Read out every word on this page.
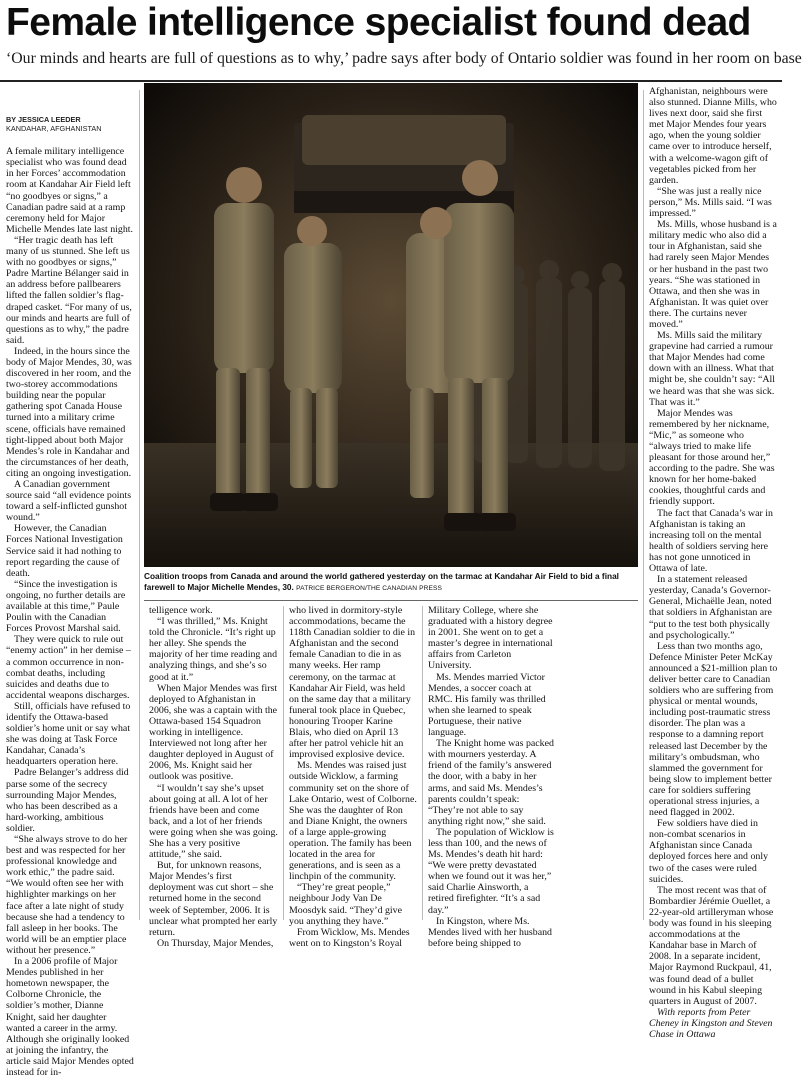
Female intelligence specialist found dead
‘Our minds and hearts are full of questions as to why,’ padre says after body of Ontario soldier was found in her room on base
BY JESSICA LEEDER
KANDAHAR, AFGHANISTAN

A female military intelligence specialist who was found dead in her Forces’ accommodation room at Kandahar Air Field left “no goodbyes or signs,” a Canadian padre said at a ramp ceremony held for Major Michelle Mendes late last night.

“Her tragic death has left many of us stunned. She left us with no goodbyes or signs,” Padre Martine Bélanger said in an address before pallbearers lifted the fallen soldier’s flag-draped casket. “For many of us, our minds and hearts are full of questions as to why,” the padre said.

Indeed, in the hours since the body of Major Mendes, 30, was discovered in her room, and the two-storey accommodations building near the popular gathering spot Canada House turned into a military crime scene, officials have remained tight-lipped about both Major Mendes’s role in Kandahar and the circumstances of her death, citing an ongoing investigation.

A Canadian government source said “all evidence points toward a self-inflicted gunshot wound.”

However, the Canadian Forces National Investigation Service said it had nothing to report regarding the cause of death.

“Since the investigation is ongoing, no further details are available at this time,” Paule Poulin with the Canadian Forces Provost Marshal said.

They were quick to rule out “enemy action” in her demise – a common occurrence in non-combat deaths, including suicides and deaths due to accidental weapons discharges.

Still, officials have refused to identify the Ottawa-based soldier’s home unit or say what she was doing at Task Force Kandahar, Canada’s headquarters operation here.

Padre Belanger’s address did parse some of the secrecy surrounding Major Mendes, who has been described as a hard-working, ambitious soldier.

“She always strove to do her best and was respected for her professional knowledge and work ethic,” the padre said. “We would often see her with highlighter markings on her face after a late night of study because she had a tendency to fall asleep in her books. The world will be an emptier place without her presence.”

In a 2006 profile of Major Mendes published in her hometown newspaper, the Colborne Chronicle, the soldier’s mother, Dianne Knight, said her daughter wanted a career in the army. Although she originally looked at joining the infantry, the article said Major Mendes opted instead for in-

Coalition troops from Canada and around the world gathered yesterday on the tarmac at Kandahar Air Field to bid a final farewell to Major Michelle Mendes, 30. PATRICE BERGERON/THE CANADIAN PRESS

telligence work.

“I was thrilled,” Ms. Knight told the Chronicle. “It’s right up her alley. She spends the majority of her time reading and analyzing things, and she’s so good at it.”

When Major Mendes was first deployed to Afghanistan in 2006, she was a captain with the Ottawa-based 154 Squadron working in intelligence. Interviewed not long after her daughter deployed in August of 2006, Ms. Knight said her outlook was positive.

“I wouldn’t say she’s upset about going at all. A lot of her friends have been and come back, and a lot of her friends were going when she was going. She has a very positive attitude,” she said.

But, for unknown reasons, Major Mendes’s first deployment was cut short – she returned home in the second week of September, 2006. It is unclear what prompted her early return.

On Thursday, Major Mendes,

who lived in dormitory-style accommodations, became the 118th Canadian soldier to die in Afghanistan and the second female Canadian to die in as many weeks. Her ramp ceremony, on the tarmac at Kandahar Air Field, was held on the same day that a military funeral took place in Quebec, honouring Trooper Karine Blais, who died on April 13 after her patrol vehicle hit an improvised explosive device.

Ms. Mendes was raised just outside Wicklow, a farming community set on the shore of Lake Ontario, west of Colborne. She was the daughter of Ron and Diane Knight, the owners of a large apple-growing operation. The family has been located in the area for generations, and is seen as a linchpin of the community.

“They’re great people,” neighbour Jody Van De Moosdyk said. “They’d give you anything they have.”

From Wicklow, Ms. Mendes went on to Kingston’s Royal

Military College, where she graduated with a history degree in 2001. She went on to get a master’s degree in international affairs from Carleton University.

Ms. Mendes married Victor Mendes, a soccer coach at RMC. His family was thrilled when she learned to speak Portuguese, their native language.

The Knight home was packed with mourners yesterday. A friend of the family’s answered the door, with a baby in her arms, and said Ms. Mendes’s parents couldn’t speak: “They’re not able to say anything right now,” she said.

The population of Wicklow is less than 100, and the news of Ms. Mendes’s death hit hard: “We were pretty devastated when we found out it was her,” said Charlie Ainsworth, a retired firefighter. “It’s a sad day.”

In Kingston, where Ms. Mendes lived with her husband before being shipped to

Afghanistan, neighbours were also stunned. Dianne Mills, who lives next door, said she first met Major Mendes four years ago, when the young soldier came over to introduce herself, with a welcome-wagon gift of vegetables picked from her garden.

“She was just a really nice person,” Ms. Mills said. “I was impressed.”

Ms. Mills, whose husband is a military medic who also did a tour in Afghanistan, said she had rarely seen Major Mendes or her husband in the past two years. “She was stationed in Ottawa, and then she was in Afghanistan. It was quiet over there. The curtains never moved.”

Ms. Mills said the military grapevine had carried a rumour that Major Mendes had come down with an illness. What that might be, she couldn’t say: “All we heard was that she was sick. That was it.”

Major Mendes was remembered by her nickname, “Mic,” as someone who “always tried to make life pleasant for those around her,” according to the padre. She was known for her home-baked cookies, thoughtful cards and friendly support.

The fact that Canada’s war in Afghanistan is taking an increasing toll on the mental health of soldiers serving here has not gone unnoticed in Ottawa of late.

In a statement released yesterday, Canada’s Governor-General, Michaëlle Jean, noted that soldiers in Afghanistan are “put to the test both physically and psychologically.”

Less than two months ago, Defence Minister Peter McKay announced a $21-million plan to deliver better care to Canadian soldiers who are suffering from physical or mental wounds, including post-traumatic stress disorder. The plan was a response to a damning report released last December by the military’s ombudsman, who slammed the government for being slow to implement better care for soldiers suffering operational stress injuries, a need flagged in 2002.

Few soldiers have died in non-combat scenarios in Afghanistan since Canada deployed forces here and only two of the cases were ruled suicides.

The most recent was that of Bombardier Jérémie Ouellet, a 22-year-old artilleryman whose body was found in his sleeping accommodations at the Kandahar base in March of 2008. In a separate incident, Major Raymond Ruckpaul, 41, was found dead of a bullet wound in his Kabul sleeping quarters in August of 2007.

With reports from Peter Cheney in Kingston and Steven Chase in Ottawa
